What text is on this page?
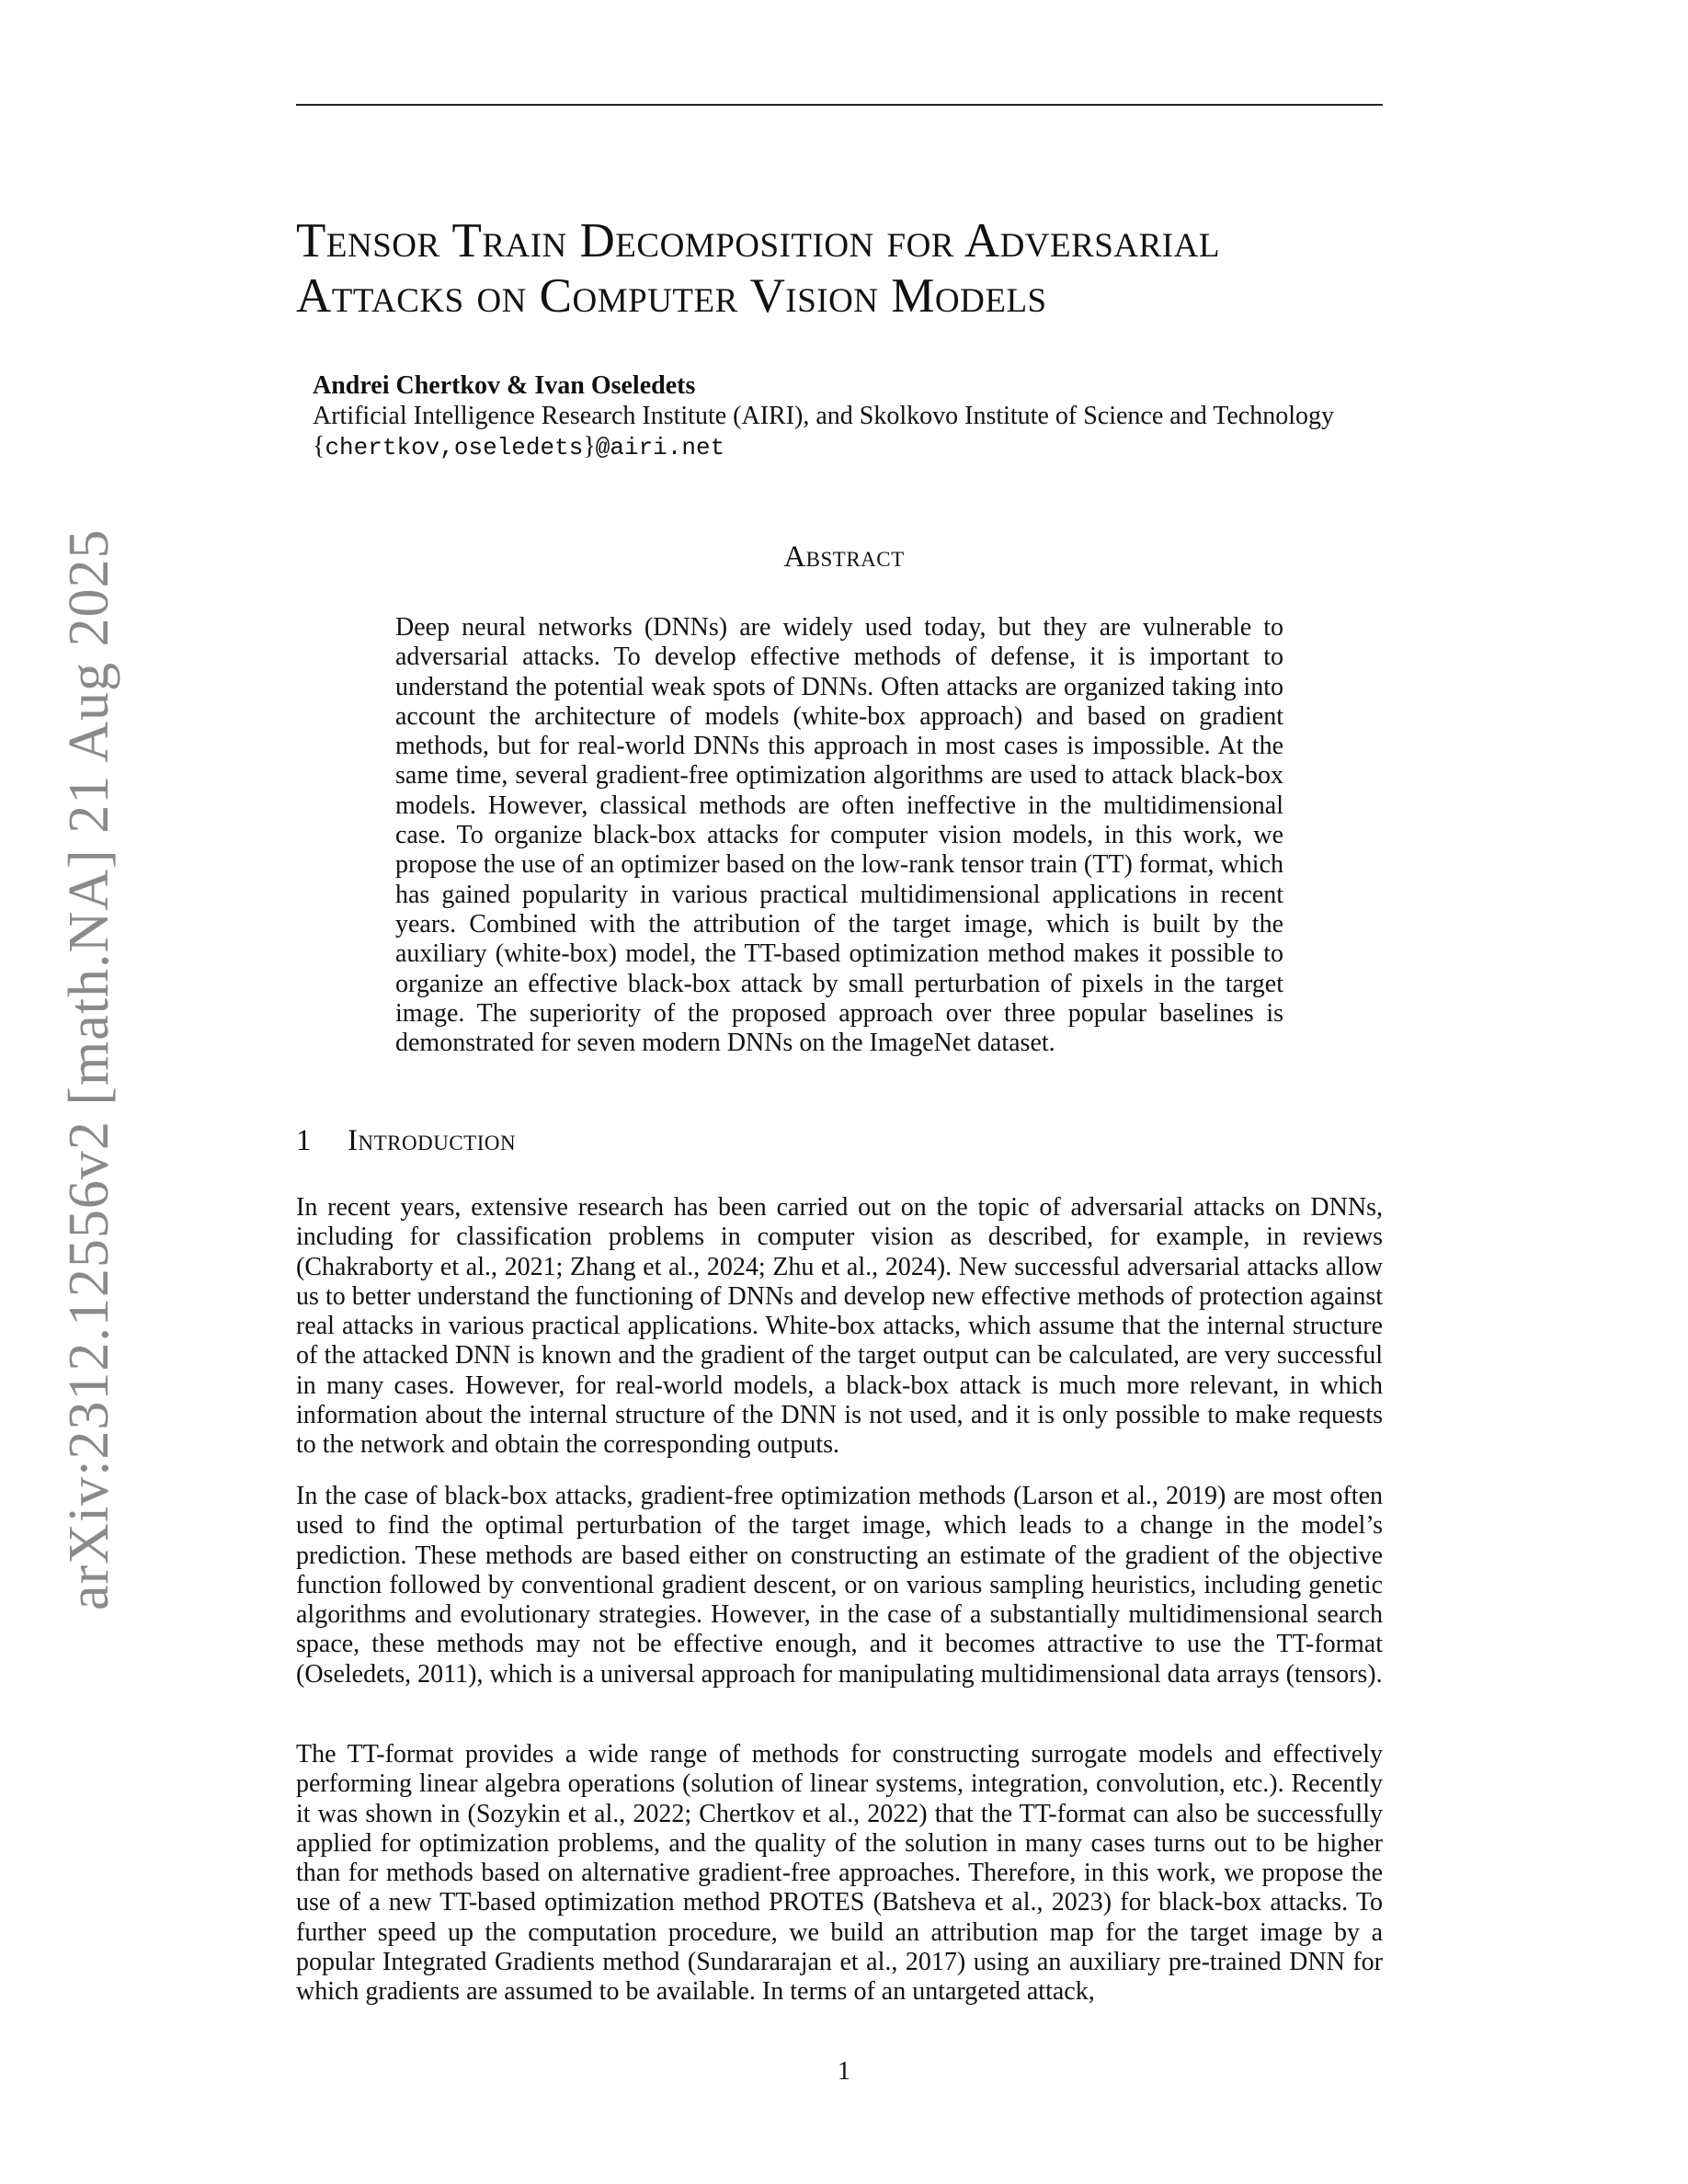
arXiv:2312.12556v2 [math.NA] 21 Aug 2025
Tensor Train Decomposition for Adversarial
Attacks on Computer Vision Models
Andrei Chertkov & Ivan Oseledets
Artificial Intelligence Research Institute (AIRI), and Skolkovo Institute of Science and Technology
{chertkov,oseledets}@airi.net
Abstract

Deep neural networks (DNNs) are widely used today, but they are vulnerable to adversarial attacks. To develop effective methods of defense, it is important to understand the potential weak spots of DNNs. Often attacks are organized taking into account the architecture of models (white-box approach) and based on gradient methods, but for real-world DNNs this approach in most cases is impossible. At the same time, several gradient-free optimization algorithms are used to attack black-box models. However, classical methods are often ineffective in the multidimensional case. To organize black-box attacks for computer vision models, in this work, we propose the use of an optimizer based on the low-rank tensor train (TT) format, which has gained popularity in various practical multidimensional applications in recent years. Combined with the attribution of the target image, which is built by the auxiliary (white-box) model, the TT-based optimization method makes it possible to organize an effective black-box attack by small perturbation of pixels in the target image. The superiority of the proposed approach over three popular baselines is demonstrated for seven modern DNNs on the ImageNet dataset.

1 Introduction

In recent years, extensive research has been carried out on the topic of adversarial attacks on DNNs, including for classification problems in computer vision as described, for example, in reviews (Chakraborty et al., 2021; Zhang et al., 2024; Zhu et al., 2024). New successful adversarial attacks allow us to better understand the functioning of DNNs and develop new effective methods of protection against real attacks in various practical applications. White-box attacks, which assume that the internal structure of the attacked DNN is known and the gradient of the target output can be calculated, are very successful in many cases. However, for real-world models, a black-box attack is much more relevant, in which information about the internal structure of the DNN is not used, and it is only possible to make requests to the network and obtain the corresponding outputs.

In the case of black-box attacks, gradient-free optimization methods (Larson et al., 2019) are most often used to find the optimal perturbation of the target image, which leads to a change in the model’s prediction. These methods are based either on constructing an estimate of the gradient of the objective function followed by conventional gradient descent, or on various sampling heuristics, including genetic algorithms and evolutionary strategies. However, in the case of a substantially multidimensional search space, these methods may not be effective enough, and it becomes attractive to use the TT-format (Oseledets, 2011), which is a universal approach for manipulating multidimensional data arrays (tensors).

The TT-format provides a wide range of methods for constructing surrogate models and effectively performing linear algebra operations (solution of linear systems, integration, convolution, etc.). Recently it was shown in (Sozykin et al., 2022; Chertkov et al., 2022) that the TT-format can also be successfully applied for optimization problems, and the quality of the solution in many cases turns out to be higher than for methods based on alternative gradient-free approaches. Therefore, in this work, we propose the use of a new TT-based optimization method PROTES (Batsheva et al., 2023) for black-box attacks. To further speed up the computation procedure, we build an attribution map for the target image by a popular Integrated Gradients method (Sundararajan et al., 2017) using an auxiliary pre-trained DNN for which gradients are assumed to be available. In terms of an untargeted attack,

1
